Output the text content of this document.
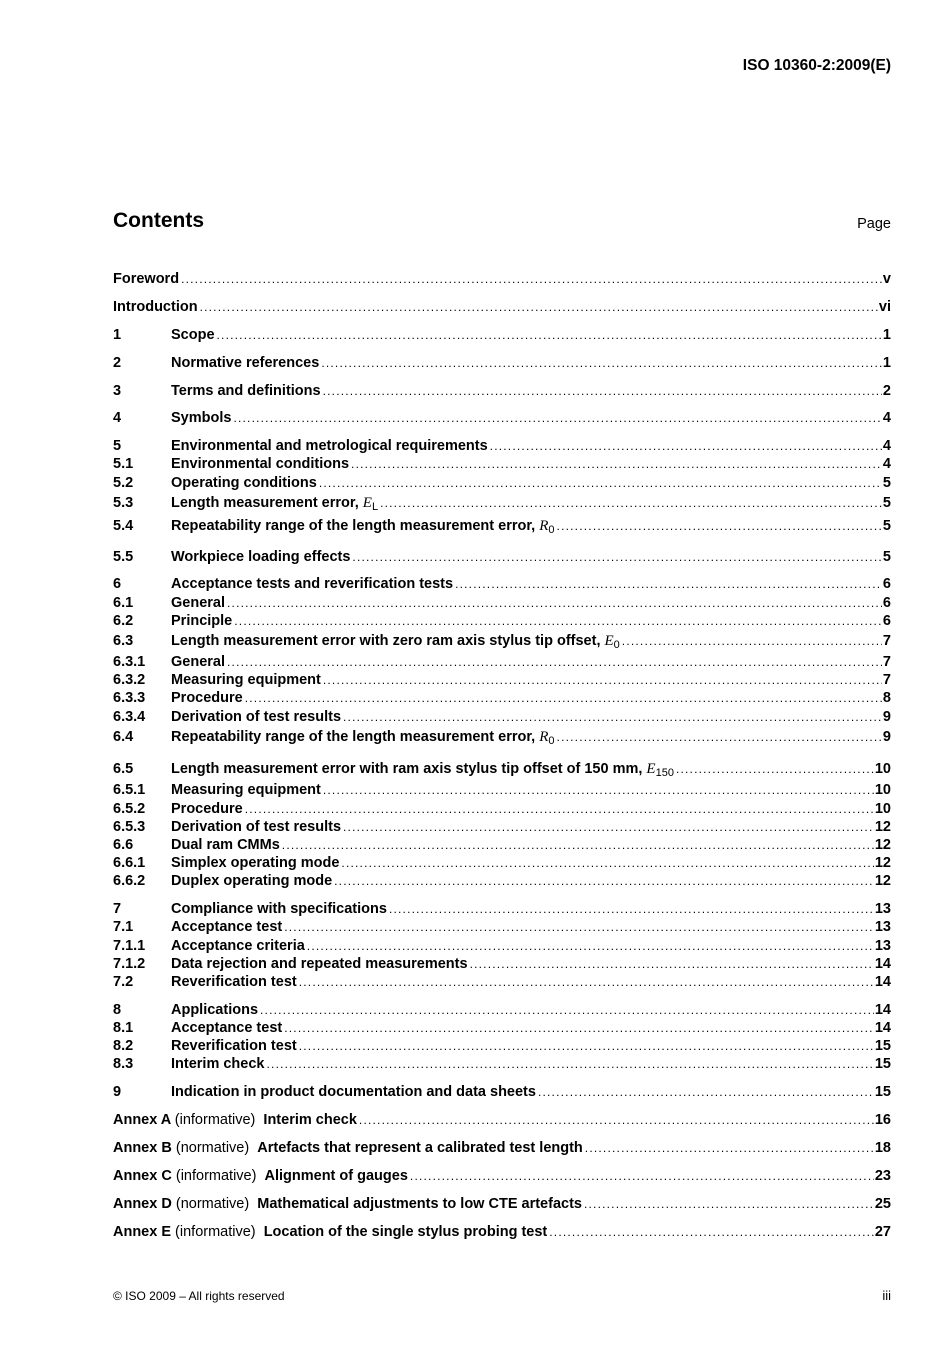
ISO 10360-2:2009(E)
Contents	Page
Foreword .....	v
Introduction .....	vi
1	Scope .....	1
2	Normative references .....	1
3	Terms and definitions .....	2
4	Symbols .....	4
5	Environmental and metrological requirements .....	4
5.1	Environmental conditions .....	4
5.2	Operating conditions .....	5
5.3	Length measurement error, $E_L$ .....	5
5.4	Repeatability range of the length measurement error, $R_0$ .....	5
5.5	Workpiece loading effects .....	5
6	Acceptance tests and reverification tests .....	6
6.1	General .....	6
6.2	Principle .....	6
6.3	Length measurement error with zero ram axis stylus tip offset, $E_0$ .....	7
6.3.1	General .....	7
6.3.2	Measuring equipment .....	7
6.3.3	Procedure .....	8
6.3.4	Derivation of test results .....	9
6.4	Repeatability range of the length measurement error, $R_0$ .....	9
6.5	Length measurement error with ram axis stylus tip offset of 150 mm, $E_{150}$ .....	10
6.5.1	Measuring equipment .....	10
6.5.2	Procedure .....	10
6.5.3	Derivation of test results .....	12
6.6	Dual ram CMMs .....	12
6.6.1	Simplex operating mode .....	12
6.6.2	Duplex operating mode .....	12
7	Compliance with specifications .....	13
7.1	Acceptance test .....	13
7.1.1	Acceptance criteria .....	13
7.1.2	Data rejection and repeated measurements .....	14
7.2	Reverification test .....	14
8	Applications .....	14
8.1	Acceptance test .....	14
8.2	Reverification test .....	15
8.3	Interim check .....	15
9	Indication in product documentation and data sheets .....	15
Annex A (informative) Interim check .....	16
Annex B (normative) Artefacts that represent a calibrated test length .....	18
Annex C (informative) Alignment of gauges .....	23
Annex D (normative) Mathematical adjustments to low CTE artefacts .....	25
Annex E (informative) Location of the single stylus probing test .....	27
© ISO 2009 – All rights reserved	iii
